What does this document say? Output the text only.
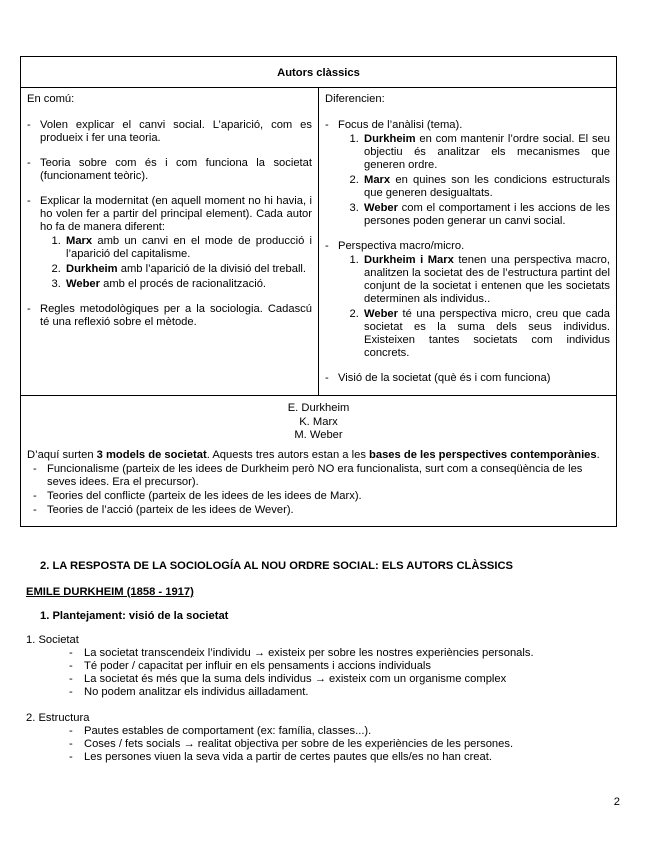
Autors clàssics

En comú:
- Volen explicar el canvi social. L’aparició, com es produeix i fer una teoria.
- Teoria sobre com és i com funciona la societat (funcionament teòric).
- Explicar la modernitat (en aquell moment no hi havia, i ho volen fer a partir del principal element). Cada autor ho fa de manera diferent:
1. Marx amb un canvi en el mode de producció i l’aparició del capitalisme.
2. Durkheim amb l’aparició de la divisió del treball.
3. Weber amb el procés de racionalització.
- Regles metodològiques per a la sociologia. Cadascú té una reflexió sobre el mètode.

Diferencien:
- Focus de l’anàlisi (tema).
1. Durkheim en com mantenir l’ordre social. El seu objectiu és analitzar els mecanismes que generen ordre.
2. Marx en quines son les condicions estructurals que generen desigualtats.
3. Weber com el comportament i les accions de les persones poden generar un canvi social.
- Perspectiva macro/micro.
1. Durkheim i Marx tenen una perspectiva macro, analitzen la societat des de l’estructura partint del conjunt de la societat i entenen que les societats determinen als individus..
2. Weber té una perspectiva micro, creu que cada societat es la suma dels seus individus. Existeixen tantes societats com individus concrets.
- Visió de la societat (què és i com funciona)

E. Durkheim
K. Marx
M. Weber
D’aquí surten 3 models de societat. Aquests tres autors estan a les bases de les perspectives contemporànies.
- Funcionalisme (parteix de les idees de Durkheim però NO era funcionalista, surt com a conseqüència de les seves idees. Era el precursor).
- Teories del conflicte (parteix de les idees de les idees de Marx).
- Teories de l’acció (parteix de les idees de Wever).
2. LA RESPOSTA DE LA SOCIOLOGÍA AL NOU ORDRE SOCIAL: ELS AUTORS CLÀSSICS
EMILE DURKHEIM (1858 - 1917)
1. Plantejament: visió de la societat
1. Societat
- La societat transcendeix l’individu → existeix per sobre les nostres experiències personals.
- Té poder / capacitat per influir en els pensaments i accions individuals
- La societat és més que la suma dels individus → existeix com un organisme complex
- No podem analitzar els individus ailladament.
2. Estructura
- Pautes estables de comportament (ex: família, classes...).
- Coses / fets socials → realitat objectiva per sobre de les experiències de les persones.
- Les persones viuen la seva vida a partir de certes pautes que ells/es no han creat.
2
